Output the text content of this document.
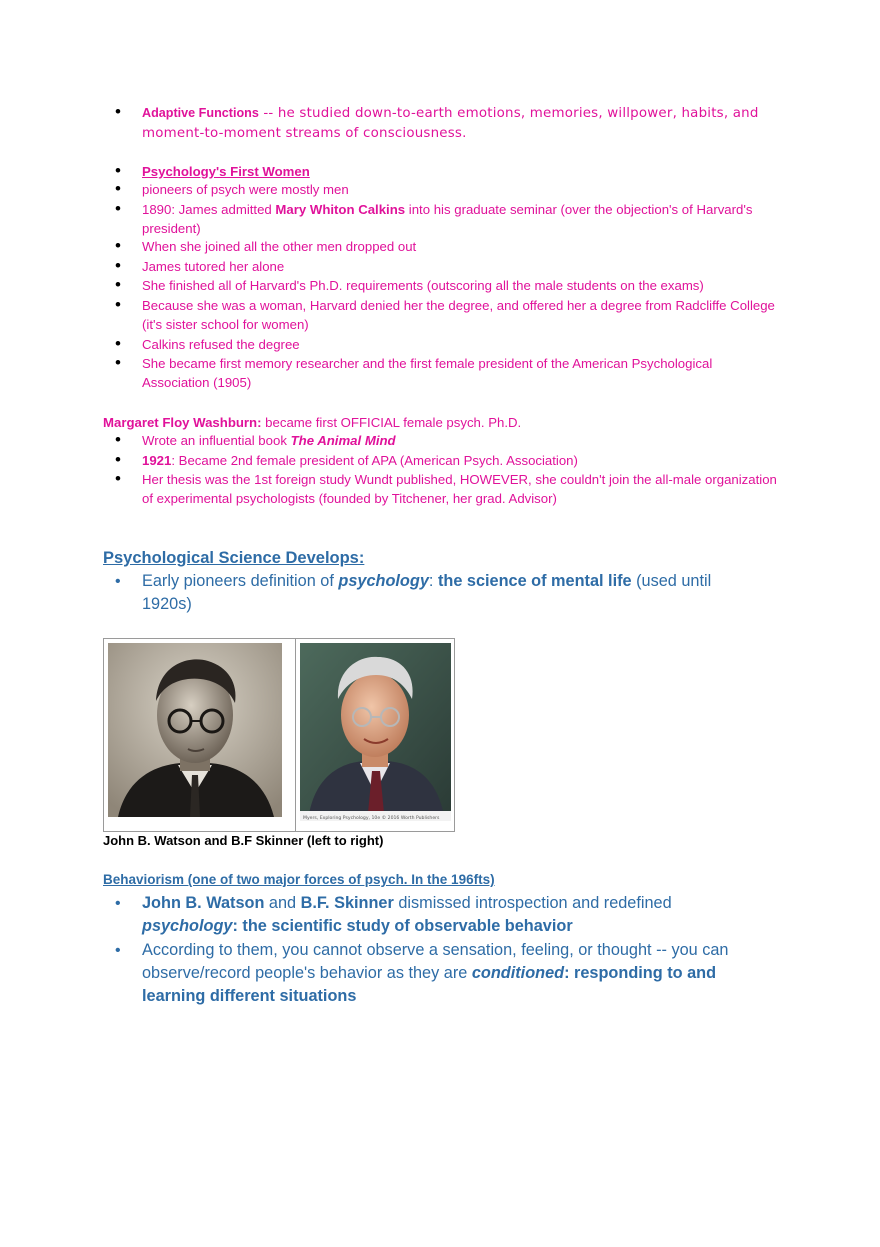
• Adaptive Functions -- he studied down-to-earth emotions, memories, willpower, habits, and moment-to-moment streams of consciousness.
• Psychology's First Women
• pioneers of psych were mostly men
• 1890: James admitted Mary Whiton Calkins into his graduate seminar (over the objection's of Harvard's president)
• When she joined all the other men dropped out
• James tutored her alone
• She finished all of Harvard's Ph.D. requirements (outscoring all the male students on the exams)
• Because she was a woman, Harvard denied her the degree, and offered her a degree from Radcliffe College (it's sister school for women)
• Calkins refused the degree
• She became first memory researcher and the first female president of the American Psychological Association (1905)
Margaret Floy Washburn: became first OFFICIAL female psych. Ph.D.
• Wrote an influential book The Animal Mind
• 1921: Became 2nd female president of APA (American Psych. Association)
• Her thesis was the 1st foreign study Wundt published, HOWEVER, she couldn't join the all-male organization of experimental psychologists (founded by Titchener, her grad. Advisor)
Psychological Science Develops:
• Early pioneers definition of psychology: the science of mental life (used until 1920s)
Myers, Exploring Psychology, 10e © 2016 Worth Publishers
John B. Watson and B.F Skinner (left to right)
Behaviorism (one of two major forces of psych. In the 196fts)
• John B. Watson and B.F. Skinner dismissed introspection and redefined psychology: the scientific study of observable behavior
• According to them, you cannot observe a sensation, feeling, or thought -- you can observe/record people's behavior as they are conditioned: responding to and learning different situations
